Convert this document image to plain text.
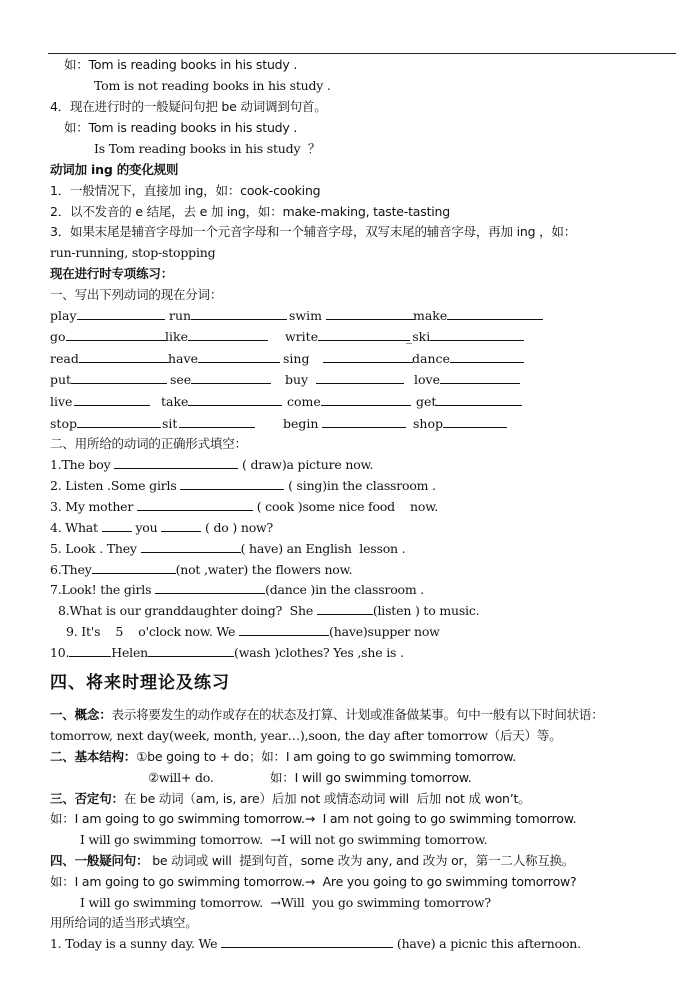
如：Tom is reading books in his study .
Tom is not reading books in his study .
4．现在进行时的一般疑问句把 be 动词调到句首。
如：Tom is reading books in his study .
Is Tom reading books in his study  ？
动词加 ing 的变化规则
1．一般情况下，直接加 ing，如：cook-cooking
2．以不发音的 e 结尾，去 e 加 ing，如：make-making, taste-tasting
3．如果末尾是辅音字母加一个元音字母和一个辅音字母，双写末尾的辅音字母，再加 ing ，如：
run-running, stop-stopping
现在进行时专项练习：
一、写出下列动词的现在分词：
play	run	swim	make
go	like	write	_ski
read	have	sing	dance
put	see	buy	love
live	take	come	get
stop	sit	begin	shop
二、用所给的动词的正确形式填空：
1.The boy	( draw)a picture now.
2. Listen .Some girls	( sing)in the classroom .
3. My mother	( cook )some nice food    now.
4. What	you	( do ) now?
5. Look . They	( have) an English  lesson .
6.They	(not ,water) the flowers now.
7.Look! the girls	(dance )in the classroom .
8.What is our granddaughter doing?  She	(listen ) to music.
9. It's    5    o'clock now. We	(have)supper now
10.	Helen	(wash )clothes? Yes ,she is .
四、将来时理论及练习
一、概念：表示将要发生的动作或存在的状态及打算、计划或准备做某事。句中一般有以下时间状语：
tomorrow, next day(week, month, year…),soon, the day after tomorrow（后天）等。
二、基本结构：①be going to + do；如：I am going to go swimming tomorrow.
②will+ do.	如：I will go swimming tomorrow.
三、否定句：在 be 动词（am, is, are）后加 not 或情态动词 will  后加 not 成 won’t。
如：I am going to go swimming tomorrow.→  I am not going to go swimming tomorrow.
I will go swimming tomorrow.  →I will not go swimming tomorrow.
四、一般疑问句： be 动词或 will  提到句首，some 改为 any, and 改为 or，第一二人称互换。
如：I am going to go swimming tomorrow.→  Are you going to go swimming tomorrow?
I will go swimming tomorrow.  →Will  you go swimming tomorrow?
用所给词的适当形式填空。
1. Today is a sunny day. We	(have) a picnic this afternoon.
